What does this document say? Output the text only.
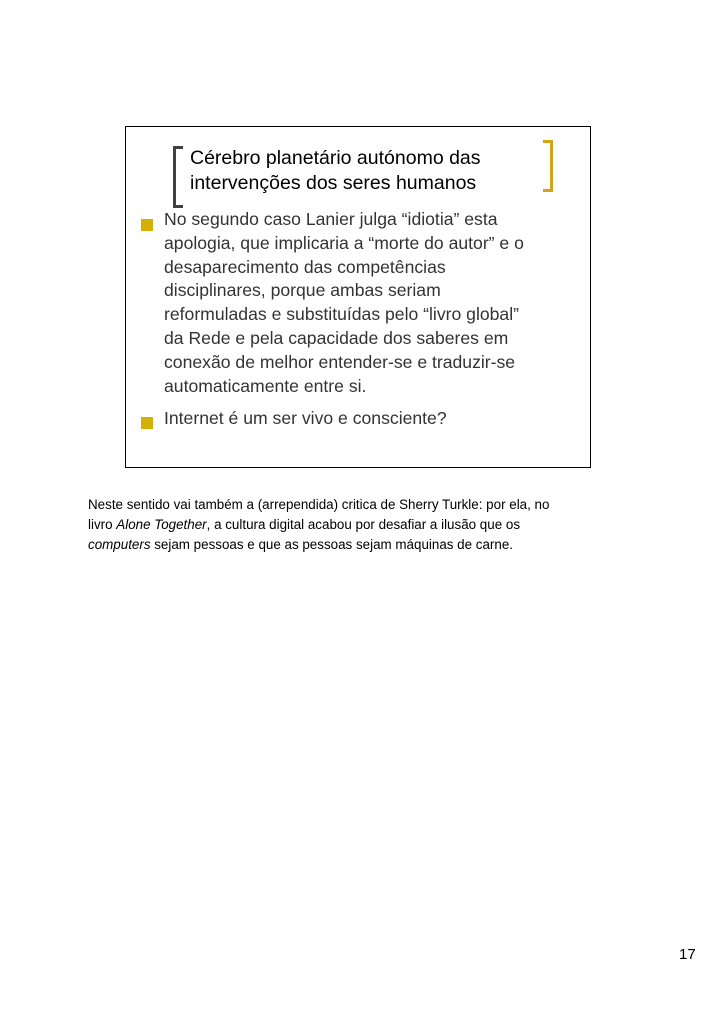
Cérebro planetário autónomo das
intervenções dos seres humanos
No segundo caso Lanier julga “idiotia” esta
apologia, que implicaria a “morte do autor” e o
desaparecimento das competências
disciplinares, porque ambas seriam
reformuladas e substituídas pelo “livro global”
da Rede e pela capacidade dos saberes em
conexão de melhor entender-se e traduzir-se
automaticamente entre si.
Internet é um ser vivo e consciente?
Neste sentido vai também a (arrependida) critica de Sherry Turkle: por ela, no
livro Alone Together, a cultura digital acabou por desafiar a ilusão que os
computers sejam pessoas e que as pessoas sejam máquinas de carne.
17
